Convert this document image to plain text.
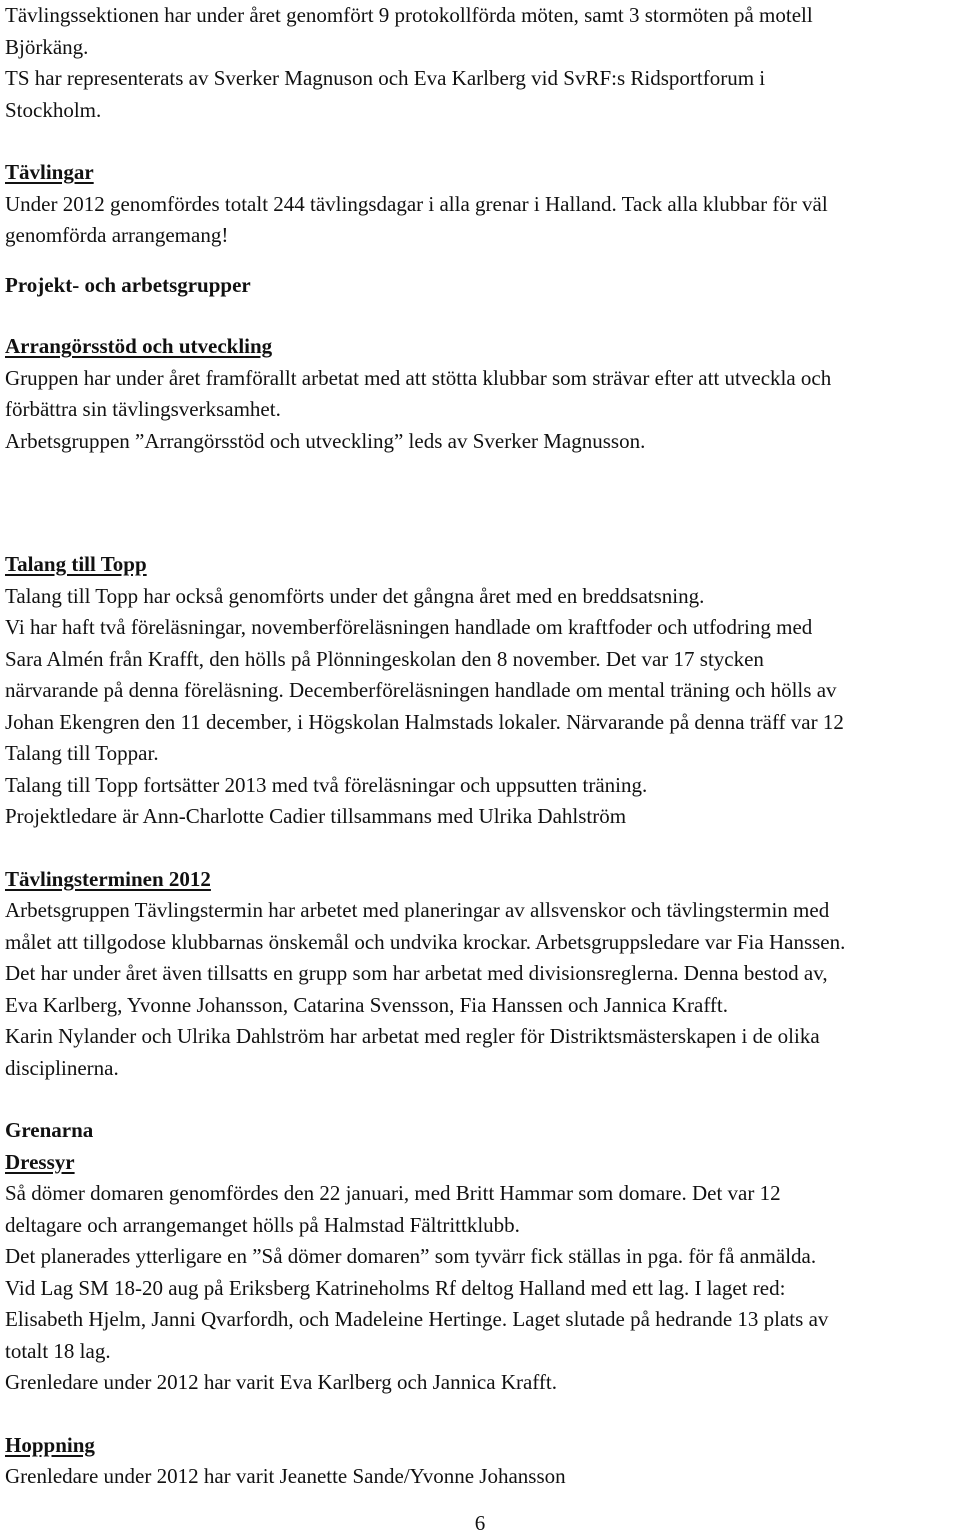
Tävlingssektionen har under året genomfört 9 protokollförda möten, samt 3 stormöten på motell

Björkäng.

TS har representerats av Sverker Magnuson och Eva Karlberg vid SvRF:s Ridsportforum i

Stockholm.

Tävlingar

Under 2012 genomfördes totalt 244 tävlingsdagar i alla grenar i Halland. Tack alla klubbar för väl

genomförda arrangemang!

Projekt- och arbetsgrupper

Arrangörsstöd och utveckling

Gruppen har under året framförallt arbetat med att stötta klubbar som strävar efter att utveckla och

förbättra sin tävlingsverksamhet.

Arbetsgruppen ”Arrangörsstöd och utveckling” leds av Sverker Magnusson.

Talang till Topp

Talang till Topp har också genomförts under det gångna året med en breddsatsning.

Vi har haft två föreläsningar, novemberföreläsningen handlade om kraftfoder och utfodring med

Sara Almén från Krafft, den hölls på Plönningeskolan den 8 november. Det var 17 stycken

närvarande på denna föreläsning. Decemberföreläsningen handlade om mental träning och hölls av

Johan Ekengren den 11 december, i Högskolan Halmstads lokaler. Närvarande på denna träff var 12

Talang till Toppar.

Talang till Topp fortsätter 2013 med två föreläsningar och uppsutten träning.

Projektledare är Ann-Charlotte Cadier tillsammans med Ulrika Dahlström

Tävlingsterminen 2012

Arbetsgruppen Tävlingstermin har arbetet med planeringar av allsvenskor och tävlingstermin med

målet att tillgodose klubbarnas önskemål och undvika krockar. Arbetsgruppsledare var Fia Hanssen.

Det har under året även tillsatts en grupp som har arbetat med divisionsreglerna. Denna bestod av,

Eva Karlberg, Yvonne Johansson, Catarina Svensson, Fia Hanssen och Jannica Krafft.

Karin Nylander och Ulrika Dahlström har arbetat med regler för Distriktsmästerskapen i de olika

disciplinerna.

Grenarna

Dressyr

Så dömer domaren genomfördes den 22 januari, med Britt Hammar som domare. Det var 12

deltagare och arrangemanget hölls på Halmstad Fältrittklubb.

Det planerades ytterligare en ”Så dömer domaren” som tyvärr fick ställas in pga. för få anmälda.

Vid Lag SM 18-20 aug på Eriksberg Katrineholms Rf deltog Halland med ett lag. I laget red:

Elisabeth Hjelm, Janni Qvarfordh, och Madeleine Hertinge. Laget slutade på hedrande 13 plats av

totalt 18 lag.

Grenledare under 2012 har varit Eva Karlberg och Jannica Krafft.

Hoppning

Grenledare under 2012 har varit Jeanette Sande/Yvonne Johansson

6
